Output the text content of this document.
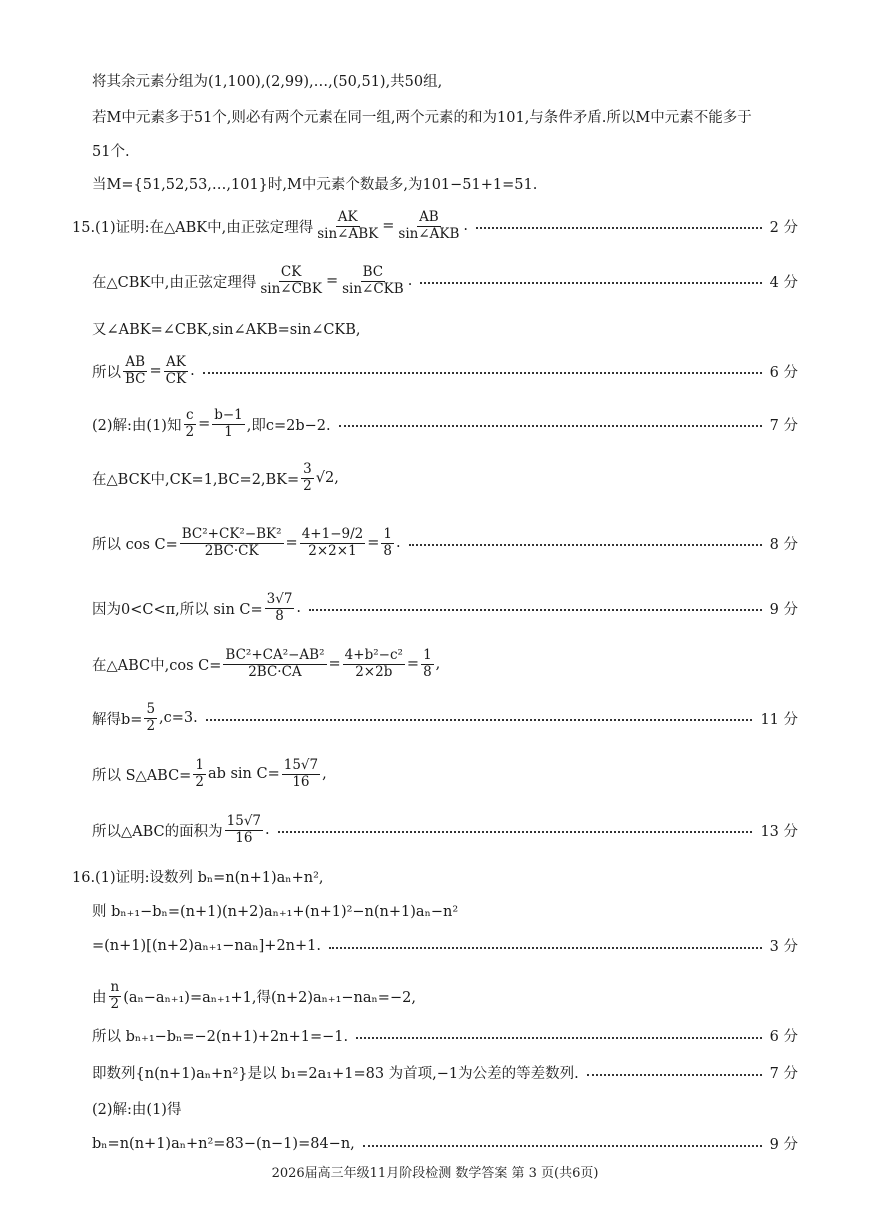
将其余元素分组为(1,100),(2,99),…,(50,51),共50组,
若M中元素多于51个,则必有两个元素在同一组,两个元素的和为101,与条件矛盾.所以M中元素不能多于
51个.
当M={51,52,53,…,101}时,M中元素个数最多,为101−51+1=51.
15.(1)证明:在△ABK中,由正弦定理得 $\frac{AK}{\text{sin∠ABK}} = \frac{AB}{\text{sin∠AKB}}$ .	2 分
在△CBK中,由正弦定理得 $\frac{CK}{\text{sin∠CBK}} = \frac{BC}{\text{sin∠CKB}}$ .	4 分
又∠ABK=∠CBK,sin∠AKB=sin∠CKB,
所以 $\frac{AB}{BC} = \frac{AK}{CK}$ .	6 分
(2)解:由(1)知 $\frac{c}{2} = \frac{b-1}{1}$ ,即c=2b−2.	7 分
在△BCK中$,CK=1,BC=2,BK= \frac{3}{2} √2$,
所以 $\cos C= \frac{\text{BC²+CK²−BK²}}{2BC\cdot CK} = \frac{4+1-9/2}{2\times 2\times 1} = \frac{1}{8}$ .	8 分
因为0<C<π,所以 $\sin C= \frac{3√7}{8}$ .	9 分
在△ABC中,cos $C= \frac{\text{BC²+CA²−AB²}}{2BC\cdot CA} = \frac{\text{4+b²−c²}}{2\times 2b} = \frac{1}{8}$ ,
解得$b= \frac{5}{2} ,c=3$.	11 分
所以 S△ABC= $\frac{1}{2}$ ab $\sin C= \frac{15√7}{16}$ ,
所以△ABC的面积为 $\frac{15√7}{16}$ .	13 分
16.(1)证明:设数列 bₙ=n(n+1)aₙ+n²,
则 bₙ₊₁−bₙ=(n+1)(n+2)aₙ₊₁+(n+1)²−n(n+1)aₙ−n²
=(n+1)[(n+2)aₙ₊₁−naₙ]+2n+1.	3 分
由 $\frac{n}{2} (a_n-a_{n+1})=a_{n+1}+1$,得(n+2)aₙ₊₁−naₙ=−2,
所以 bₙ₊₁−bₙ=−2(n+1)+2n+1=−1.	6 分
即数列{n(n+1)aₙ+n²}是以 b₁=2a₁+1=83 为首项,−1为公差的等差数列.	7 分
(2)解:由(1)得
bₙ=n(n+1)aₙ+n²=83−(n−1)=84−n,	9 分
2026届高三年级11月阶段检测 数学答案 第 3 页(共6页)
